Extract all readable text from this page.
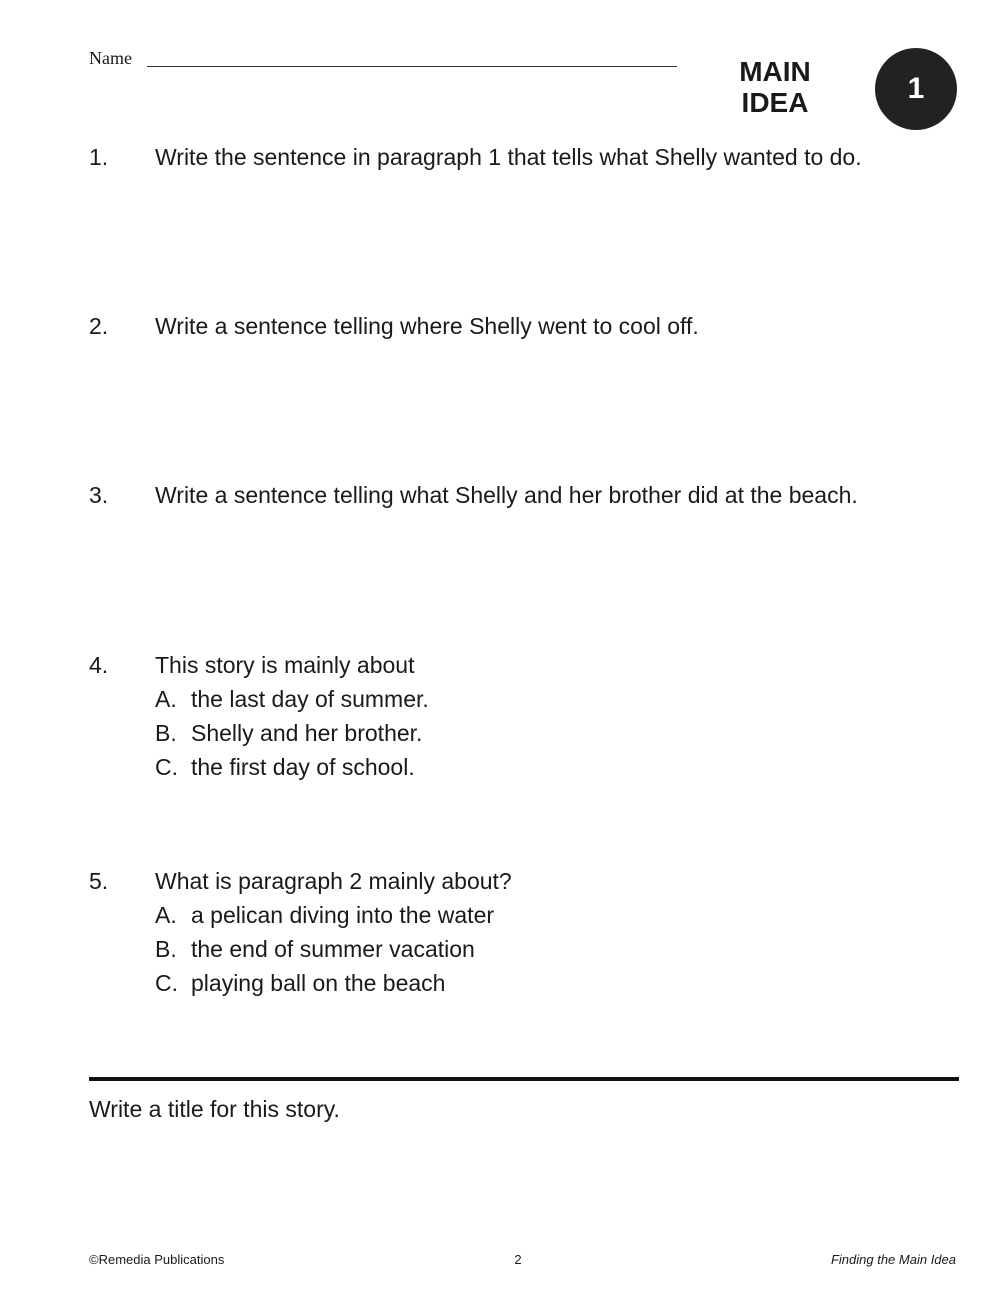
Name	MAIN
IDEA	1
1. Write the sentence in paragraph 1 that tells what Shelly wanted to do.
2. Write a sentence telling where Shelly went to cool off.
3. Write a sentence telling what Shelly and her brother did at the beach.
4. This story is mainly about
A. the last day of summer.
B. Shelly and her brother.
C. the first day of school.
5. What is paragraph 2 mainly about?
A. a pelican diving into the water
B. the end of summer vacation
C. playing ball on the beach
Write a title for this story.
©Remedia Publications	2	Finding the Main Idea
